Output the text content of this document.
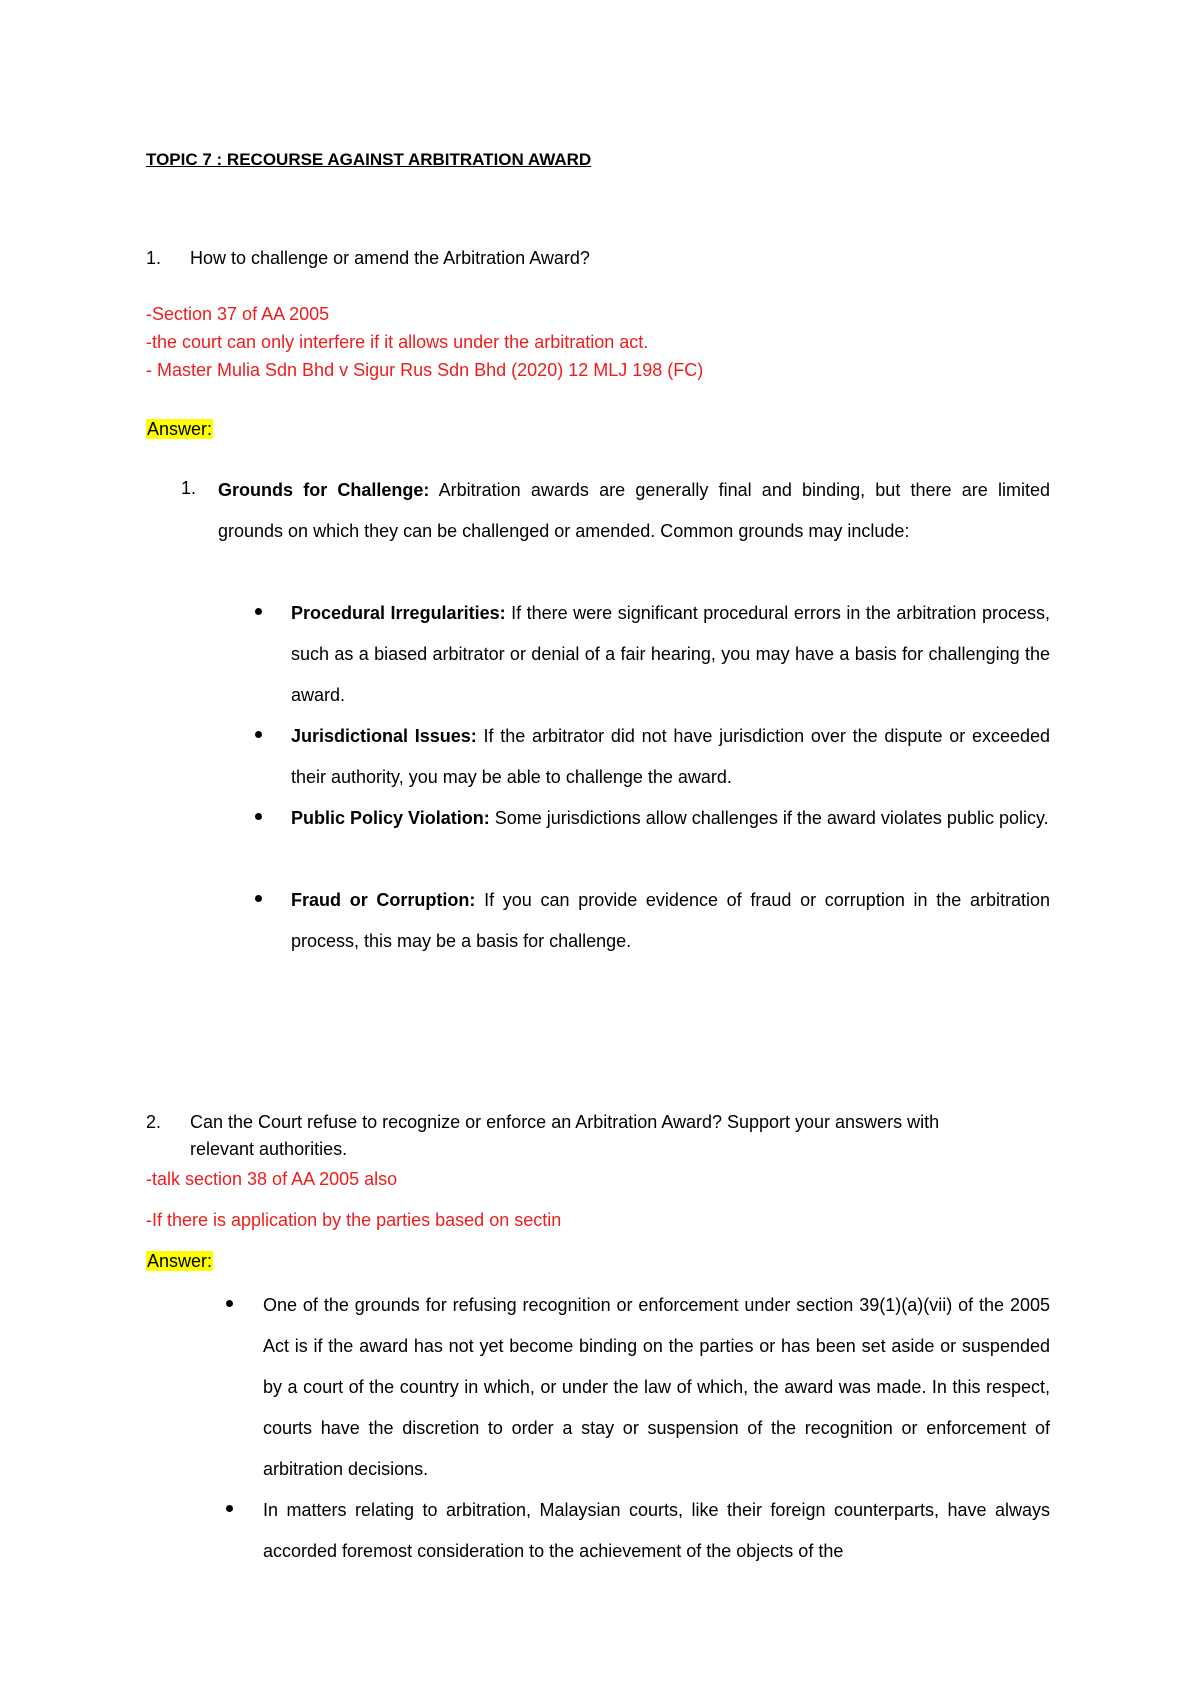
TOPIC 7 : RECOURSE AGAINST ARBITRATION AWARD

1. How to challenge or amend the Arbitration Award?

-Section 37 of AA 2005

-the court can only interfere if it allows under the arbitration act.

- Master Mulia Sdn Bhd v Sigur Rus Sdn Bhd (2020) 12 MLJ 198 (FC)

Answer:

1. Grounds for Challenge: Arbitration awards are generally final and binding, but there are limited grounds on which they can be challenged or amended. Common grounds may include:
Procedural Irregularities: If there were significant procedural errors in the arbitration process, such as a biased arbitrator or denial of a fair hearing, you may have a basis for challenging the award.
Jurisdictional Issues: If the arbitrator did not have jurisdiction over the dispute or exceeded their authority, you may be able to challenge the award.
Public Policy Violation: Some jurisdictions allow challenges if the award violates public policy.
Fraud or Corruption: If you can provide evidence of fraud or corruption in the arbitration process, this may be a basis for challenge.
2. Can the Court refuse to recognize or enforce an Arbitration Award? Support your answers with

relevant authorities.

-talk section 38 of AA 2005 also

-If there is application by the parties based on sectin

Answer:

One of the grounds for refusing recognition or enforcement under section 39(1)(a)(vii) of the 2005 Act is if the award has not yet become binding on the parties or has been set aside or suspended by a court of the country in which, or under the law of which, the award was made. In this respect, courts have the discretion to order a stay or suspension of the recognition or enforcement of arbitration decisions.
In matters relating to arbitration, Malaysian courts, like their foreign counterparts, have always accorded foremost consideration to the achievement of the objects of the
